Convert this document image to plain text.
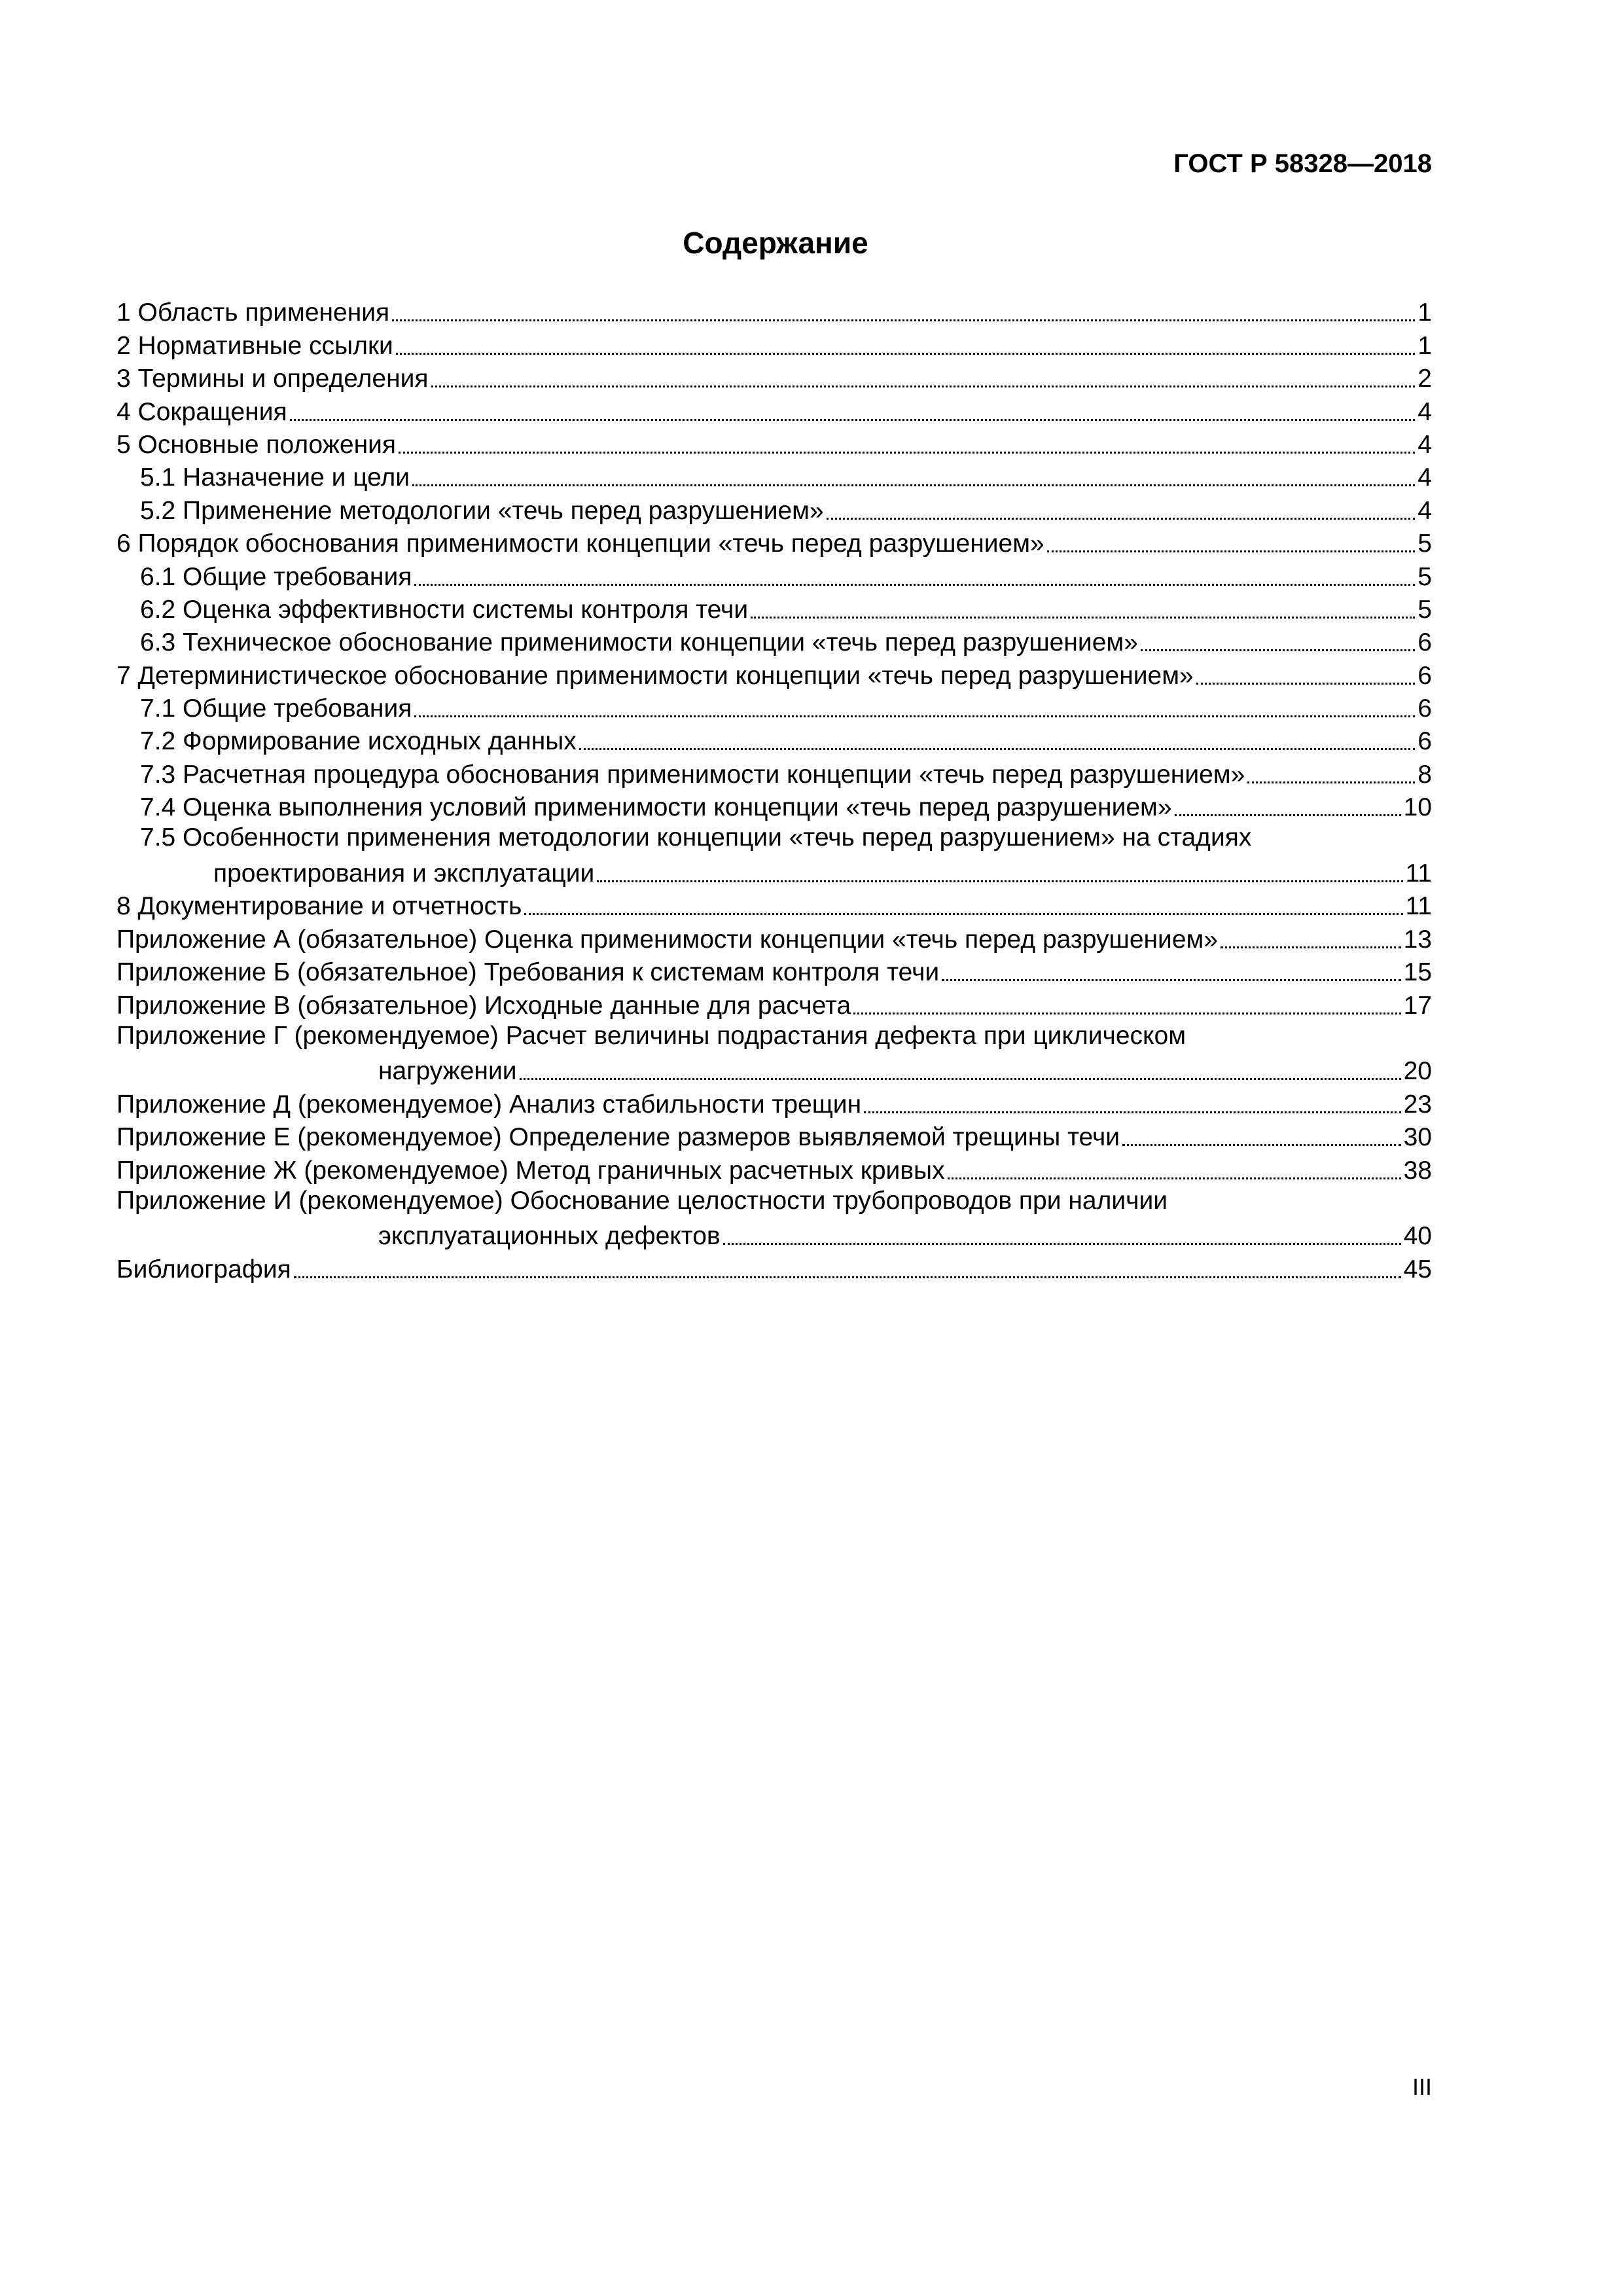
ГОСТ Р 58328—2018
Содержание
1 Область применения	1
2 Нормативные ссылки	1
3 Термины и определения	2
4 Сокращения	4
5 Основные положения	4
5.1 Назначение и цели	4
5.2 Применение методологии «течь перед разрушением»	4
6 Порядок обоснования применимости концепции «течь перед разрушением»	5
6.1 Общие требования	5
6.2 Оценка эффективности системы контроля течи	5
6.3 Техническое обоснование применимости концепции «течь перед разрушением»	6
7 Детерминистическое обоснование применимости концепции «течь перед разрушением»	6
7.1 Общие требования	6
7.2 Формирование исходных данных	6
7.3 Расчетная процедура обоснования применимости концепции «течь перед разрушением»	8
7.4 Оценка выполнения условий применимости концепции «течь перед разрушением»	10
7.5 Особенности применения методологии концепции «течь перед разрушением» на стадиях
проектирования и эксплуатации	11
8 Документирование и отчетность	11
Приложение А (обязательное) Оценка применимости концепции «течь перед разрушением»	13
Приложение Б (обязательное) Требования к системам контроля течи	15
Приложение В (обязательное) Исходные данные для расчета	17
Приложение Г (рекомендуемое) Расчет величины подрастания дефекта при циклическом
нагружении	20
Приложение Д (рекомендуемое) Анализ стабильности трещин	23
Приложение Е (рекомендуемое) Определение размеров выявляемой трещины течи	30
Приложение Ж (рекомендуемое) Метод граничных расчетных кривых	38
Приложение И (рекомендуемое) Обоснование целостности трубопроводов при наличии
эксплуатационных дефектов	40
Библиография	45
III
